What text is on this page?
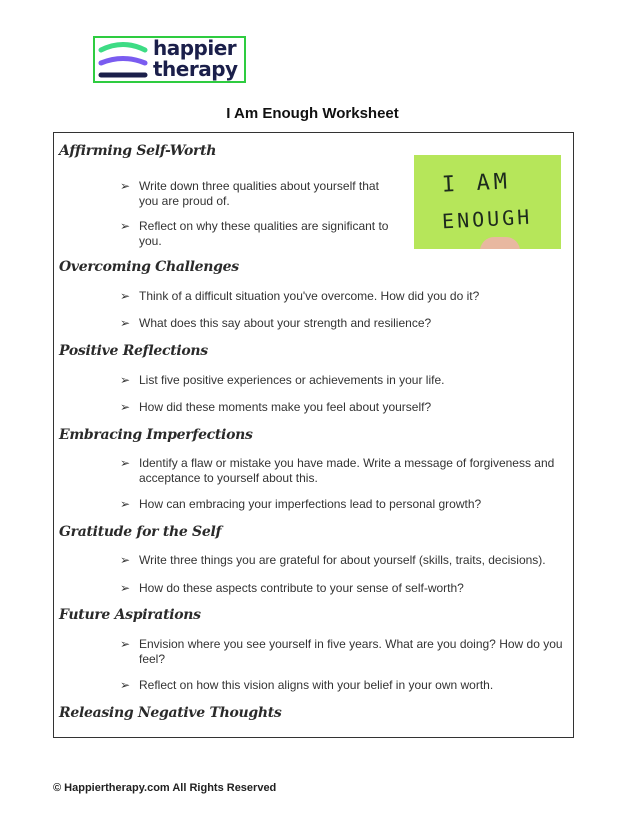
happier
therapy
I Am Enough Worksheet
I AM
ENOUGH
Affirming Self-Worth
➢ Write down three qualities about yourself that you are proud of.
➢ Reflect on why these qualities are significant to you.
Overcoming Challenges
➢ Think of a difficult situation you've overcome. How did you do it?
➢ What does this say about your strength and resilience?
Positive Reflections
➢ List five positive experiences or achievements in your life.
➢ How did these moments make you feel about yourself?
Embracing Imperfections
➢ Identify a flaw or mistake you have made. Write a message of forgiveness and acceptance to yourself about this.
➢ How can embracing your imperfections lead to personal growth?
Gratitude for the Self
➢ Write three things you are grateful for about yourself (skills, traits, decisions).
➢ How do these aspects contribute to your sense of self-worth?
Future Aspirations
➢ Envision where you see yourself in five years. What are you doing? How do you feel?
➢ Reflect on how this vision aligns with your belief in your own worth.
Releasing Negative Thoughts
© Happiertherapy.com All Rights Reserved
